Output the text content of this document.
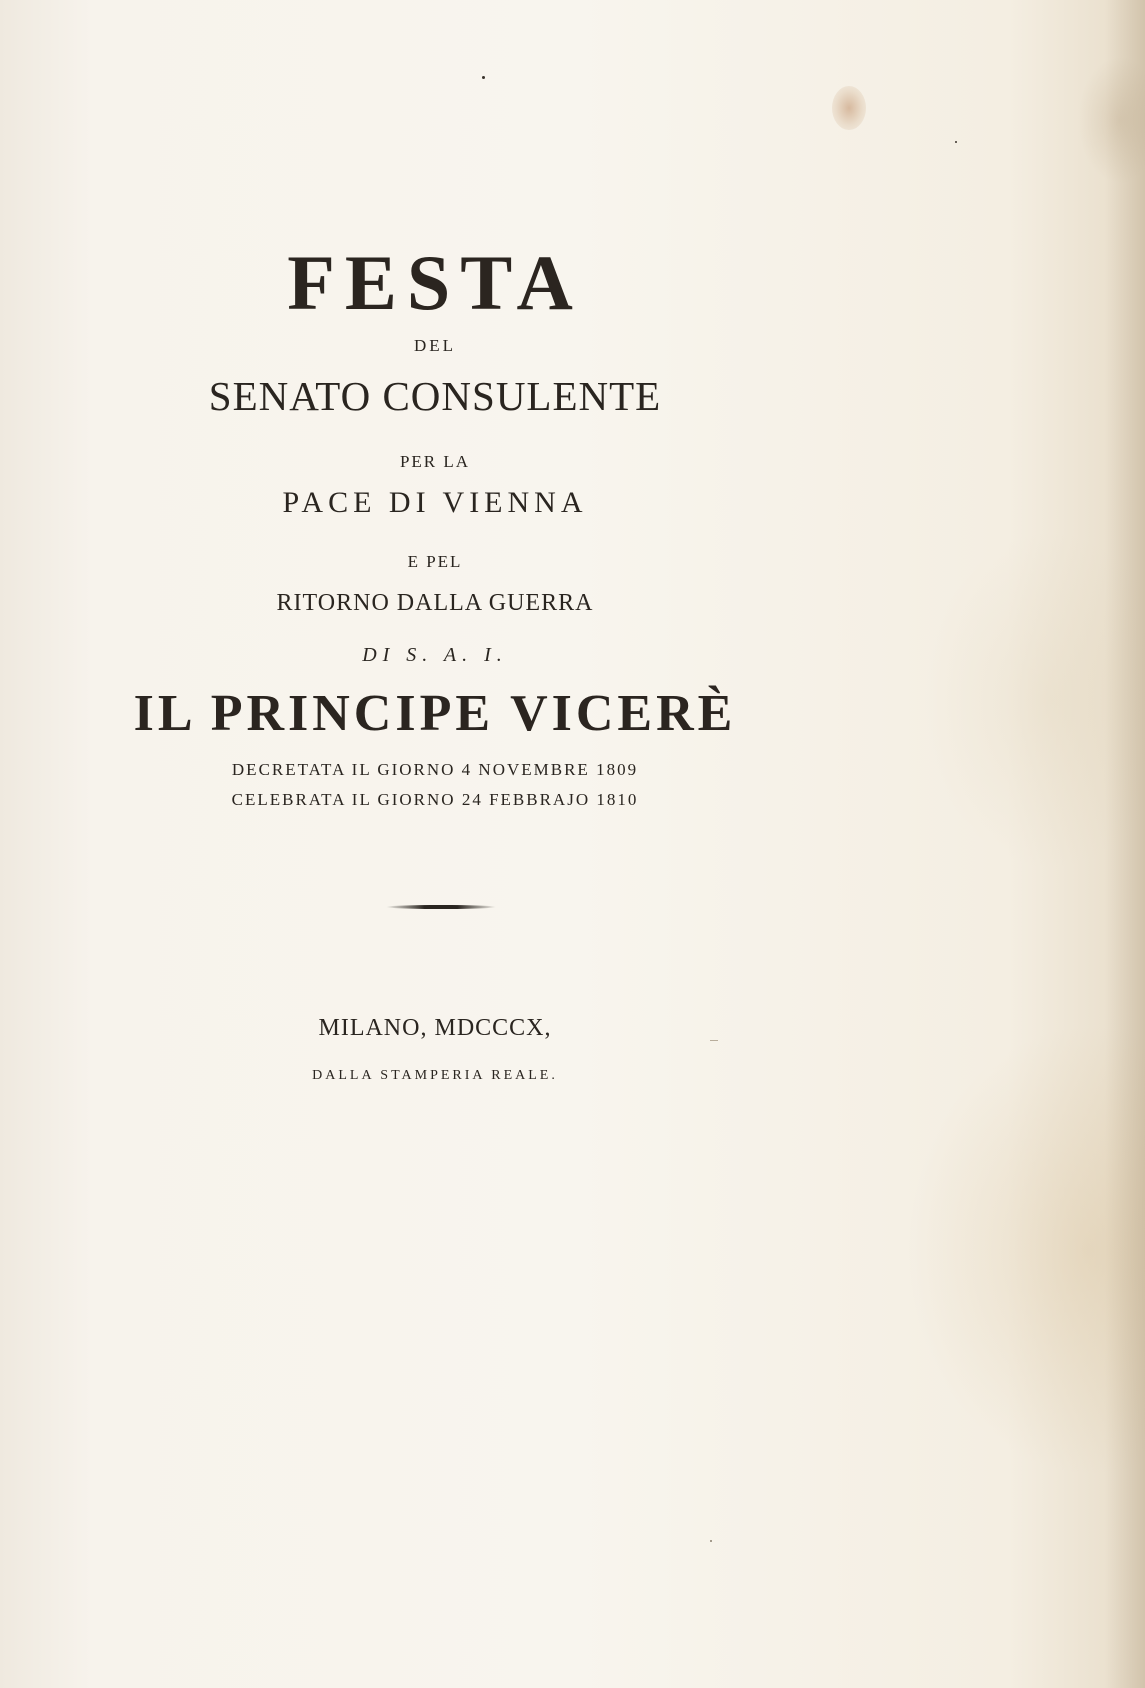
FESTA
DEL
SENATO CONSULENTE
PER LA
PACE DI VIENNA
E PEL
RITORNO DALLA GUERRA
DI S. A. I.
IL PRINCIPE VICERÈ
DECRETATA IL GIORNO 4 NOVEMBRE 1809
CELEBRATA IL GIORNO 24 FEBBRAJO 1810
MILANO, MDCCCX,
DALLA STAMPERIA REALE.
